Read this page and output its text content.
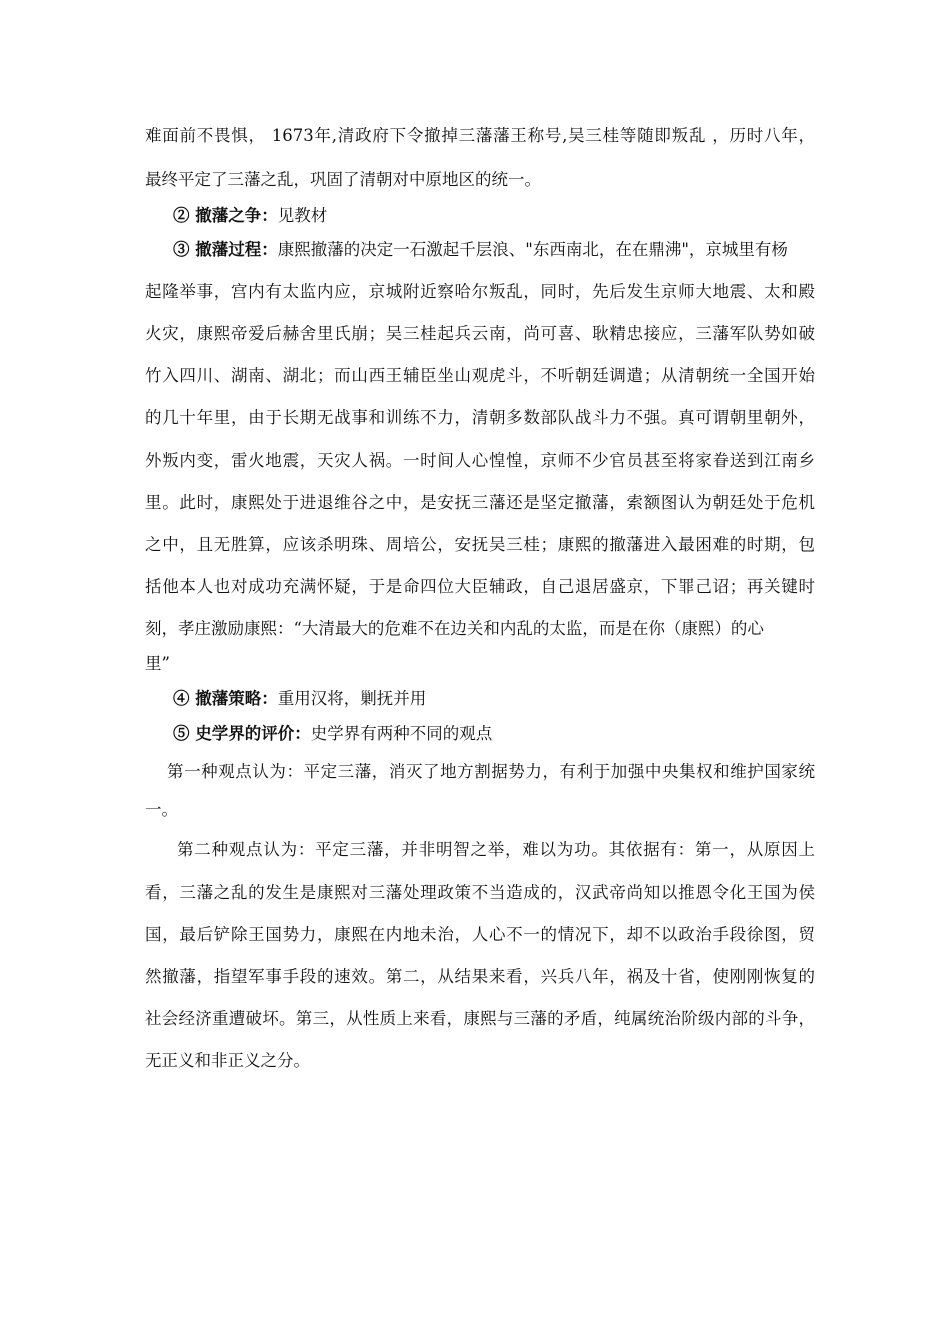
难面前不畏惧， 1673年,清政府下令撤掉三藩藩王称号,吴三桂等随即叛乱 ，历时八年，
最终平定了三藩之乱，巩固了清朝对中原地区的统一。
② 撤藩之争：见教材
③ 撤藩过程：康熙撤藩的决定一石激起千层浪、"东西南北，在在鼎沸"，京城里有杨
起隆举事，宫内有太监内应，京城附近察哈尔叛乱，同时，先后发生京师大地震、太和殿
火灾，康熙帝爱后赫舍里氏崩；吴三桂起兵云南，尚可喜、耿精忠接应，三藩军队势如破
竹入四川、湖南、湖北；而山西王辅臣坐山观虎斗，不听朝廷调遣；从清朝统一全国开始
的几十年里，由于长期无战事和训练不力，清朝多数部队战斗力不强。真可谓朝里朝外，
外叛内变，雷火地震，天灾人祸。一时间人心惶惶，京师不少官员甚至将家眷送到江南乡
里。此时，康熙处于进退维谷之中，是安抚三藩还是坚定撤藩，索额图认为朝廷处于危机
之中，且无胜算，应该杀明珠、周培公，安抚吴三桂；康熙的撤藩进入最困难的时期，包
括他本人也对成功充满怀疑，于是命四位大臣辅政，自己退居盛京，下罪己诏；再关键时
刻，孝庄激励康熙：“大清最大的危难不在边关和内乱的太监，而是在你（康熙）的心
里”
④ 撤藩策略：重用汉将，剿抚并用
⑤ 史学界的评价：史学界有两种不同的观点
第一种观点认为：平定三藩，消灭了地方割据势力，有利于加强中央集权和维护国家统
一。
第二种观点认为：平定三藩，并非明智之举，难以为功。其依据有：第一，从原因上
看，三藩之乱的发生是康熙对三藩处理政策不当造成的，汉武帝尚知以推恩令化王国为侯
国，最后铲除王国势力，康熙在内地未治，人心不一的情况下，却不以政治手段徐图，贸
然撤藩，指望军事手段的速效。第二，从结果来看，兴兵八年，祸及十省，使刚刚恢复的
社会经济重遭破坏。第三，从性质上来看，康熙与三藩的矛盾，纯属统治阶级内部的斗争，
无正义和非正义之分。
